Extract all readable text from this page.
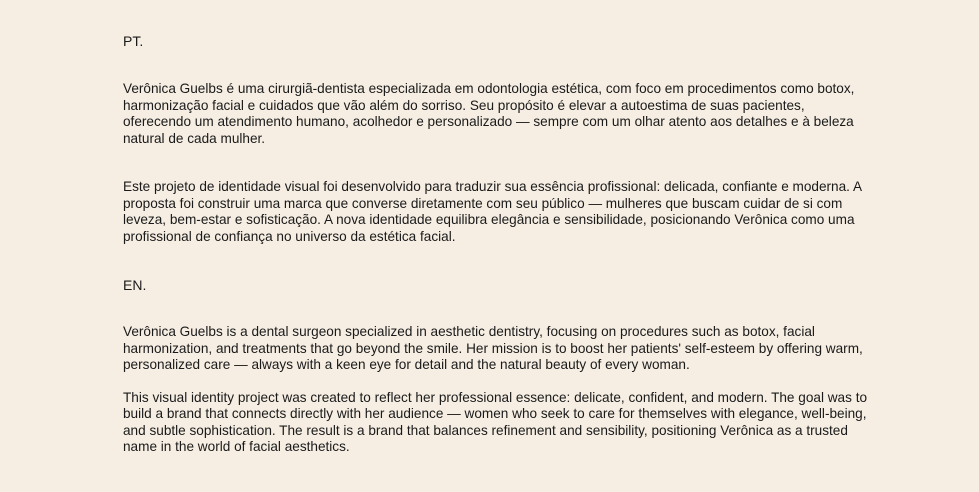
PT.

Verônica Guelbs é uma cirurgiã-dentista especializada em odontologia estética, com foco em procedimentos como botox, harmonização facial e cuidados que vão além do sorriso. Seu propósito é elevar a autoestima de suas pacientes, oferecendo um atendimento humano, acolhedor e personalizado — sempre com um olhar atento aos detalhes e à beleza natural de cada mulher.

Este projeto de identidade visual foi desenvolvido para traduzir sua essência profissional: delicada, confiante e moderna. A proposta foi construir uma marca que converse diretamente com seu público — mulheres que buscam cuidar de si com leveza, bem-estar e sofisticação. A nova identidade equilibra elegância e sensibilidade, posicionando Verônica como uma profissional de confiança no universo da estética facial.

EN.

Verônica Guelbs is a dental surgeon specialized in aesthetic dentistry, focusing on procedures such as botox, facial harmonization, and treatments that go beyond the smile. Her mission is to boost her patients' self-esteem by offering warm, personalized care — always with a keen eye for detail and the natural beauty of every woman.

This visual identity project was created to reflect her professional essence: delicate, confident, and modern. The goal was to build a brand that connects directly with her audience — women who seek to care for themselves with elegance, well-being, and subtle sophistication. The result is a brand that balances refinement and sensibility, positioning Verônica as a trusted name in the world of facial aesthetics.
